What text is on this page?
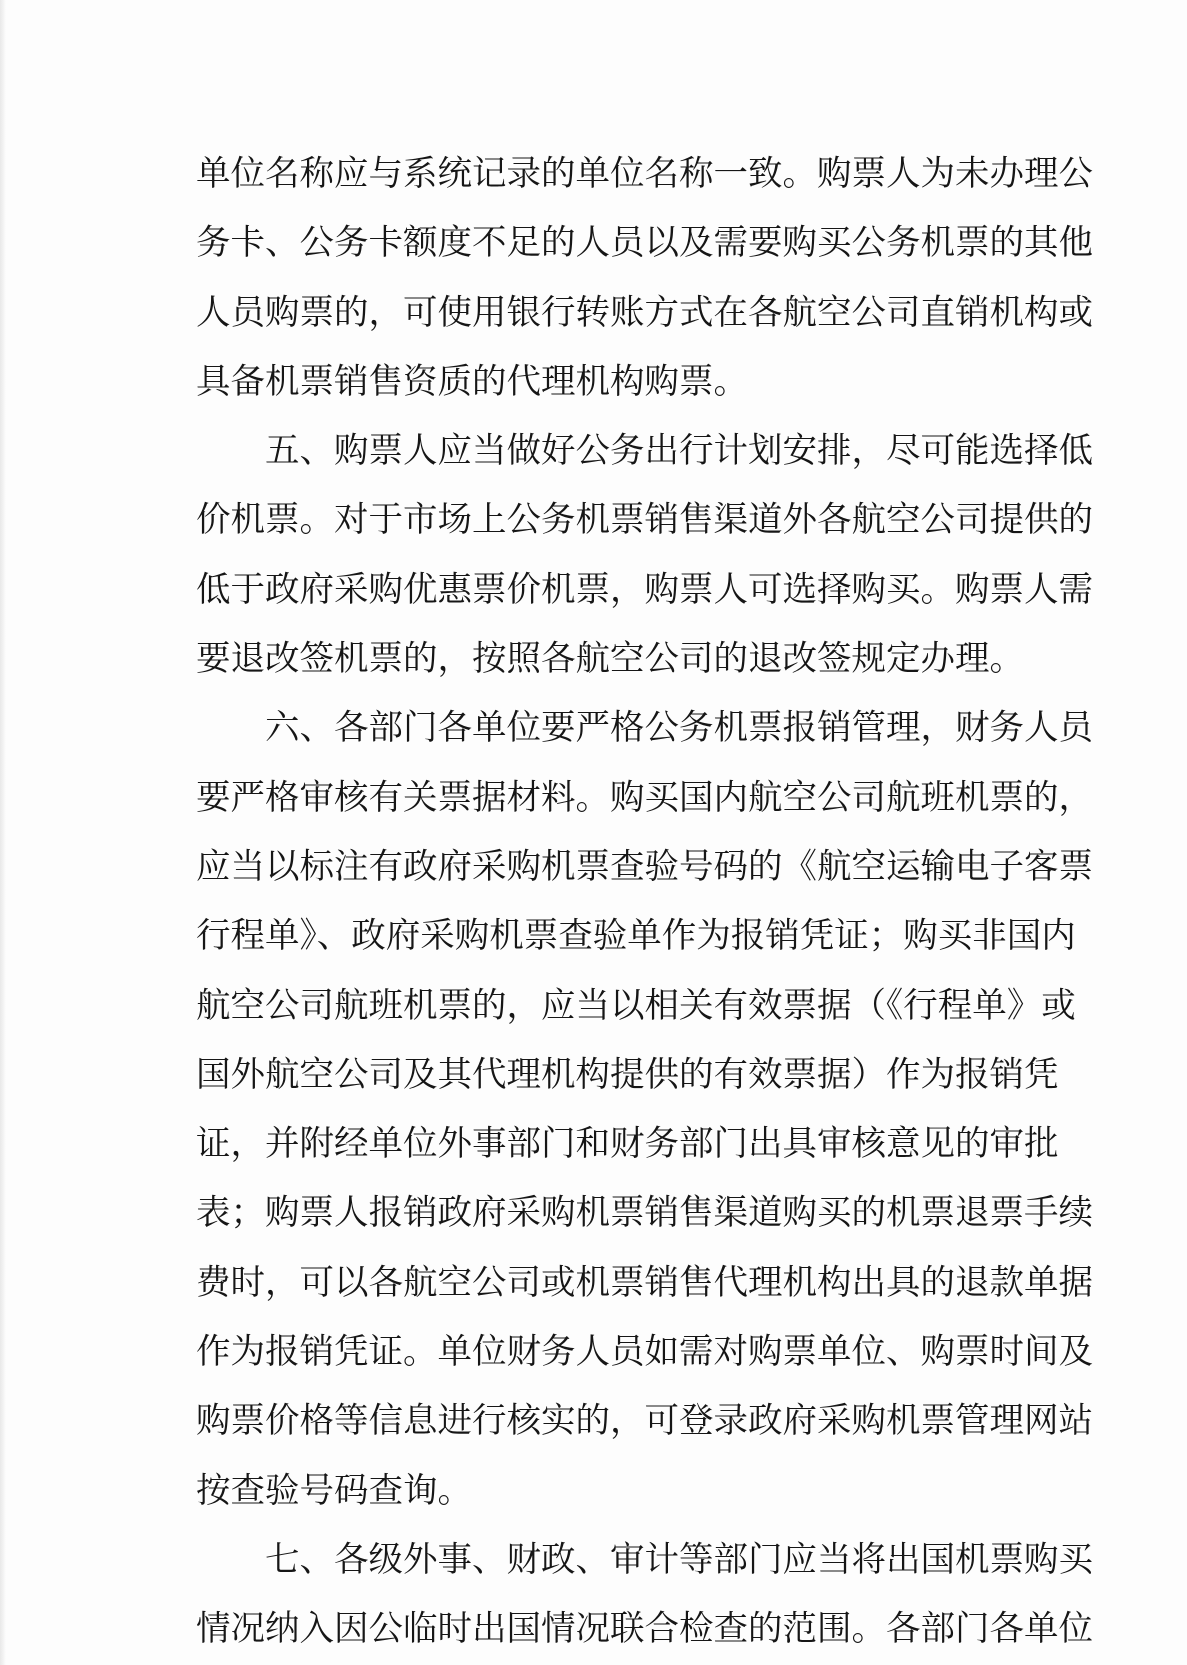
单位名称应与系统记录的单位名称一致。购票人为未办理公
务卡、公务卡额度不足的人员以及需要购买公务机票的其他
人员购票的，可使用银行转账方式在各航空公司直销机构或
具备机票销售资质的代理机构购票。
五、购票人应当做好公务出行计划安排，尽可能选择低
价机票。对于市场上公务机票销售渠道外各航空公司提供的
低于政府采购优惠票价机票，购票人可选择购买。购票人需
要退改签机票的，按照各航空公司的退改签规定办理。
六、各部门各单位要严格公务机票报销管理，财务人员
要严格审核有关票据材料。购买国内航空公司航班机票的，
应当以标注有政府采购机票查验号码的《航空运输电子客票
行程单》、政府采购机票查验单作为报销凭证；购买非国内
航空公司航班机票的，应当以相关有效票据（《行程单》或
国外航空公司及其代理机构提供的有效票据）作为报销凭
证，并附经单位外事部门和财务部门出具审核意见的审批
表；购票人报销政府采购机票销售渠道购买的机票退票手续
费时，可以各航空公司或机票销售代理机构出具的退款单据
作为报销凭证。单位财务人员如需对购票单位、购票时间及
购票价格等信息进行核实的，可登录政府采购机票管理网站
按查验号码查询。
七、各级外事、财政、审计等部门应当将出国机票购买
情况纳入因公临时出国情况联合检查的范围。各部门各单位
